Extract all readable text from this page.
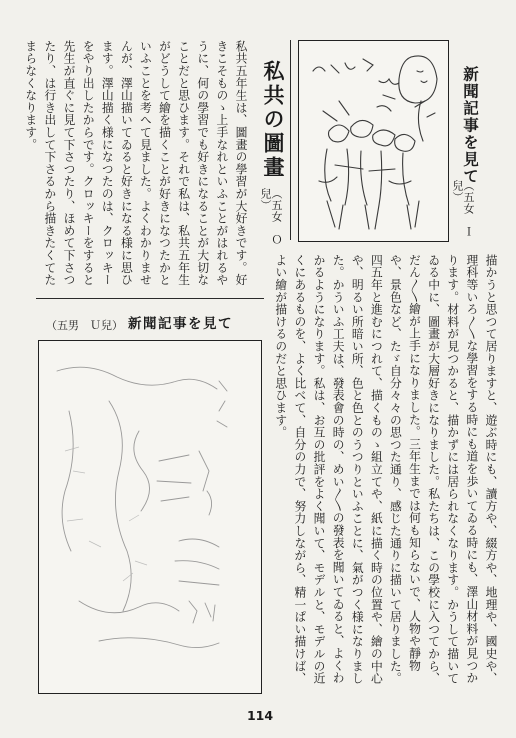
新聞記事を見て
（五女　Ｉ兒）
描かうと思つて居りますと、遊ぶ時にも、讀方や、綴方や、地理や、國史や、理科等いろ〳〵な學習をする時にも道を歩いてゐる時にも、澤山材料が見つかります。材料が見つかると、描かずには居られなくなります。かうして描いてゐる中に、圖畫が大層好きになりました。私たちは、この學校に入つてから、だん〳〵繪が上手になりました。三年生までは何も知らないで、人物や靜物や、景色など、たゞ自分々々の思つた通り、感じた通りに描いて居りました。四五年と進むにつれて、描くものゝ組立てや、紙に描く時の位置や、繪の中心や、明るい所暗い所、色と色とのうつりといふことに、氣がつく様になりました。かういふ工夫は、發表會の時の、めい〳〵の發表を聞いてゐると、よくわかるようになります。私は、お互の批評をよく聞いて、モデルと、モデルの近くにあるものを、よく比べて、自分の力で、努力しながら、精一ぱい描けば、よい繪が描けるのだと思ひます。
私共の圖畫
（五女　Ｏ兒）
私共五年生は、圖畫の學習が大好きです。好きこそものゝ上手なれといふことがはれるやうに、何の學習でも好きになることが大切なことだと思ひます。それで私は、私共五年生がどうして繪を描くことが好きになつたかといふことを考へて見ました。よくわかりませんが、澤山描いてゐると好きになる様に思ひます。澤山描く様になつたのは、クロッキーをやり出したからです。クロッキーをすると先生が直ぐに見て下さつたり、ほめて下さつたり、は行き出して下さるから描きたくてたまらなくなります。
新聞記事を見て
（五男　Ｕ兒）
114
